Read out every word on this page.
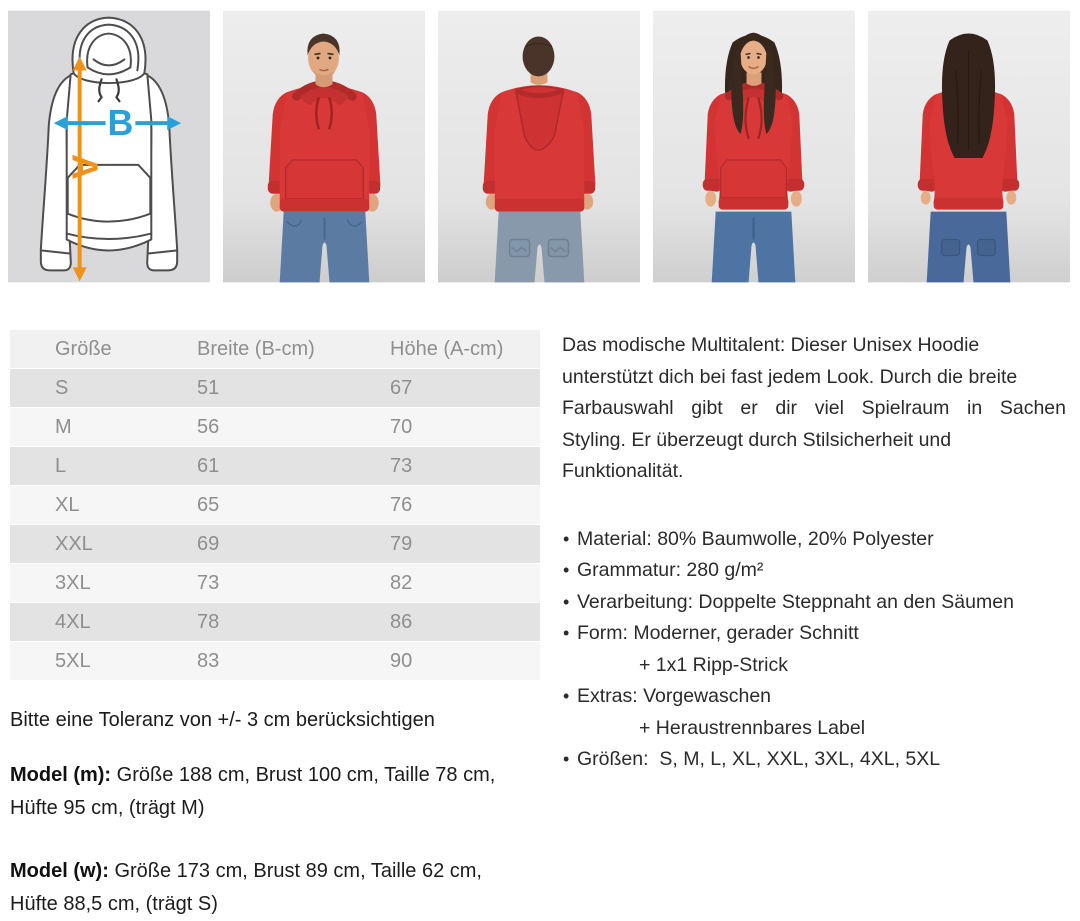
A
B
Größe	Breite (B-cm)	Höhe (A-cm)
S	51	67
M	56	70
L	61	73
XL	65	76
XXL	69	79
3XL	73	82
4XL	78	86
5XL	83	90
Das modische Multitalent: Dieser Unisex Hoodie
unterstützt dich bei fast jedem Look. Durch die breite
Farbauswahl gibt er dir viel Spielraum in Sachen
Styling. Er überzeugt durch Stilsicherheit und
Funktionalität.
• Material: 80% Baumwolle, 20% Polyester
• Grammatur: 280 g/m²
• Verarbeitung: Doppelte Steppnaht an den Säumen
• Form: Moderner, gerader Schnitt
+ 1x1 Ripp-Strick
• Extras: Vorgewaschen
+ Heraustrennbares Label
• Größen:  S, M, L, XL, XXL, 3XL, 4XL, 5XL
Bitte eine Toleranz von +/- 3 cm berücksichtigen
Model (m): Größe 188 cm, Brust 100 cm, Taille 78 cm,
Hüfte 95 cm, (trägt M)
Model (w): Größe 173 cm, Brust 89 cm, Taille 62 cm,
Hüfte 88,5 cm, (trägt S)
